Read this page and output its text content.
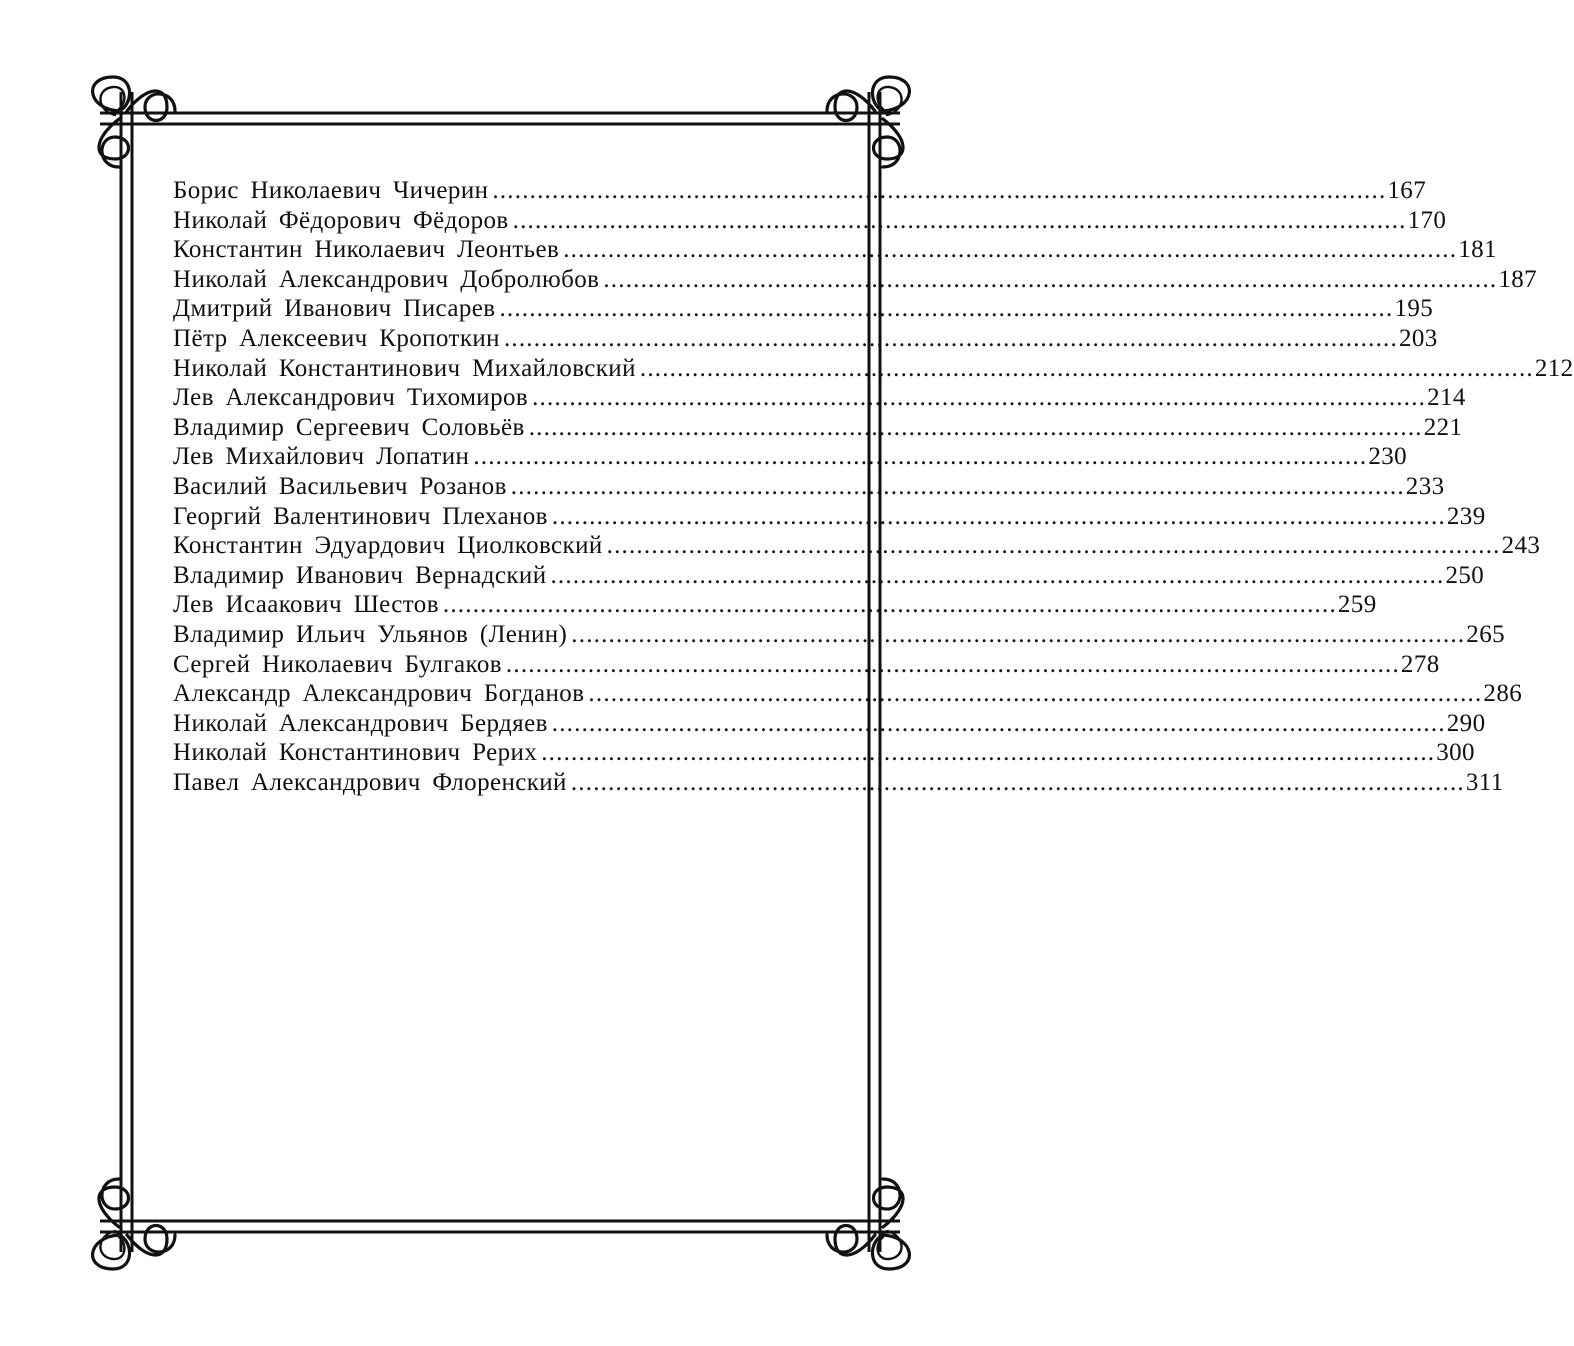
Борис Николаевич Чичерин ........................................................................................................................ 167
Николай Фёдорович Фёдоров ........................................................................................................................ 170
Константин Николаевич Леонтьев ........................................................................................................................ 181
Николай Александрович Добролюбов ........................................................................................................................ 187
Дмитрий Иванович Писарев ........................................................................................................................ 195
Пётр Алексеевич Кропоткин ........................................................................................................................ 203
Николай Константинович Михайловский ........................................................................................................................ 212
Лев Александрович Тихомиров ........................................................................................................................ 214
Владимир Сергеевич Соловьёв ........................................................................................................................ 221
Лев Михайлович Лопатин ........................................................................................................................ 230
Василий Васильевич Розанов ........................................................................................................................ 233
Георгий Валентинович Плеханов ........................................................................................................................ 239
Константин Эдуардович Циолковский ........................................................................................................................ 243
Владимир Иванович Вернадский ........................................................................................................................ 250
Лев Исаакович Шестов ........................................................................................................................ 259
Владимир Ильич Ульянов (Ленин) ........................................................................................................................ 265
Сергей Николаевич Булгаков ........................................................................................................................ 278
Александр Александрович Богданов ........................................................................................................................ 286
Николай Александрович Бердяев ........................................................................................................................ 290
Николай Константинович Рерих ........................................................................................................................ 300
Павел Александрович Флоренский ........................................................................................................................ 311
